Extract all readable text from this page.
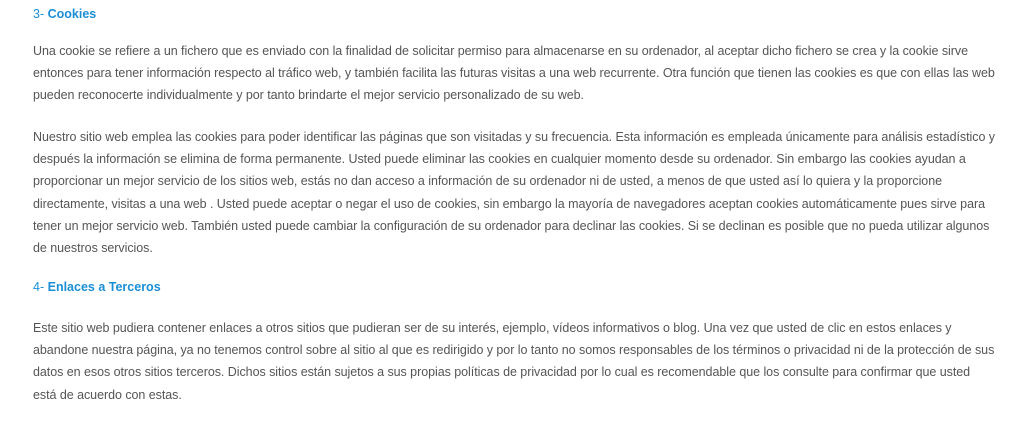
3- Cookies

Una cookie se refiere a un fichero que es enviado con la finalidad de solicitar permiso para almacenarse en su ordenador, al aceptar dicho fichero se crea y la cookie sirve entonces para tener información respecto al tráfico web, y también facilita las futuras visitas a una web recurrente. Otra función que tienen las cookies es que con ellas las web pueden reconocerte individualmente y por tanto brindarte el mejor servicio personalizado de su web.

Nuestro sitio web emplea las cookies para poder identificar las páginas que son visitadas y su frecuencia. Esta información es empleada únicamente para análisis estadístico y después la información se elimina de forma permanente. Usted puede eliminar las cookies en cualquier momento desde su ordenador. Sin embargo las cookies ayudan a proporcionar un mejor servicio de los sitios web, estás no dan acceso a información de su ordenador ni de usted, a menos de que usted así lo quiera y la proporcione directamente, visitas a una web . Usted puede aceptar o negar el uso de cookies, sin embargo la mayoría de navegadores aceptan cookies automáticamente pues sirve para tener un mejor servicio web. También usted puede cambiar la configuración de su ordenador para declinar las cookies. Si se declinan es posible que no pueda utilizar algunos de nuestros servicios.

4- Enlaces a Terceros

Este sitio web pudiera contener enlaces a otros sitios que pudieran ser de su interés, ejemplo, vídeos informativos o blog. Una vez que usted de clic en estos enlaces y abandone nuestra página, ya no tenemos control sobre al sitio al que es redirigido y por lo tanto no somos responsables de los términos o privacidad ni de la protección de sus datos en esos otros sitios terceros. Dichos sitios están sujetos a sus propias políticas de privacidad por lo cual es recomendable que los consulte para confirmar que usted está de acuerdo con estas.
